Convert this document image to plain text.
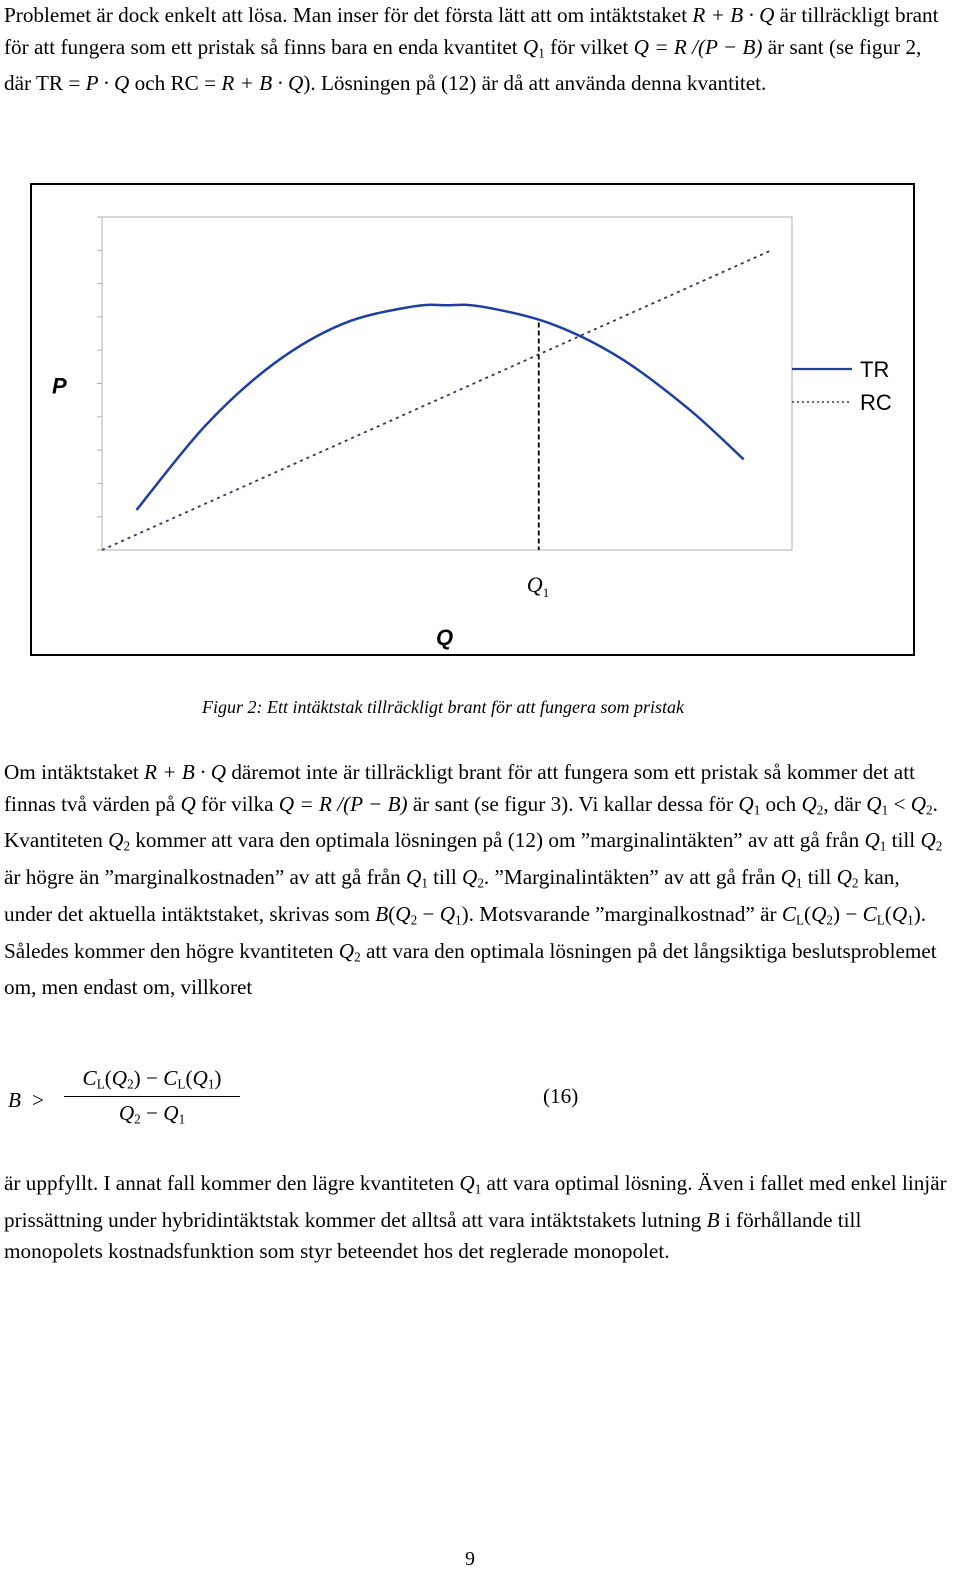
Problemet är dock enkelt att lösa. Man inser för det första lätt att om intäktstaket R + B · Q är tillräckligt brant för att fungera som ett pristak så finns bara en enda kvantitet $Q_1$ för vilket Q = R /(P − B) är sant (se figur 2, där TR = P · Q och RC = R + B · Q). Lösningen på (12) är då att använda denna kvantitet.

Q 1
P
Q
TR
RC
Figur 2: Ett intäktstak tillräckligt brant för att fungera som pristak

Om intäktstaket R + B · Q däremot inte är tillräckligt brant för att fungera som ett pristak så kommer det att finnas två värden på Q för vilka Q = R /(P − B) är sant (se figur 3). Vi kallar dessa för $Q_1$ och $Q_2$, där $Q_1 < Q_2$. Kvantiteten $Q_2$ kommer att vara den optimala lösningen på (12) om ”marginalintäkten” av att gå från $Q_1$ till $Q_2$ är högre än ”marginalkostnaden” av att gå från $Q_1$ till $Q_2$. ”Marginalintäkten” av att gå från $Q_1$ till $Q_2$ kan, under det aktuella intäktstaket, skrivas som $B(Q_2 - Q_1)$. Motsvarande ”marginalkostnad” är $C_L(Q_2) - C_L(Q_1)$. Således kommer den högre kvantiteten $Q_2$ att vara den optimala lösningen på det långsiktiga beslutsproblemet om, men endast om, villkoret

$B > \frac{C_L(Q_2) - C_L(Q_1)}{Q_2 - Q_1}$	(16)

är uppfyllt. I annat fall kommer den lägre kvantiteten $Q_1$ att vara optimal lösning. Även i fallet med enkel linjär prissättning under hybridintäktstak kommer det alltså att vara intäktstakets lutning B i förhållande till monopolets kostnadsfunktion som styr beteendet hos det reglerade monopolet.

9
